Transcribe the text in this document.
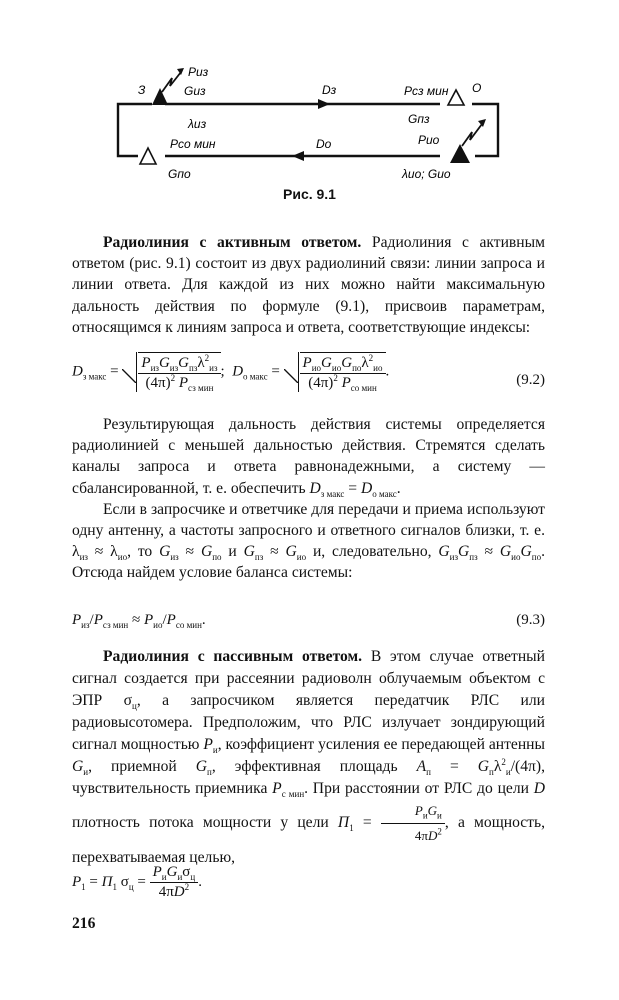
З
Pиз
Gиз
λиз
Dз	Pсз мин О
Gпз
Pсо мин	Dо	Pио
Gпо	λио; Gио
Рис. 9.1

Радиолиния с активным ответом. Радиолиния с активным ответом (рис. 9.1) состоит из двух радиолиний связи: линии запроса и линии ответа. Для каждой из них можно найти максимальную дальность действия по формуле (9.1), присвоив параметрам, относящимся к линиям запроса и ответа, соответствующие индексы:

$D_{з макс} = \frac{P_{из}G_{из}G_{пз}\lambda^2_{из}}{(4\pi)^2 P_{сз мин}}$ ;  $D_{о макс} = \frac{P_{ио}G_{ио}G_{по}\lambda^2_{ио}}{(4\pi)^2 P_{со мин}}$ .
(9.2)

Результирующая дальность действия системы определяется радиолинией с меньшей дальностью действия. Стремятся сделать каналы запроса и ответа равнонадежными, а систему — сбалансированной, т. е. обеспечить $D_{з макс} = D_{о макс}$.

Если в запросчике и ответчике для передачи и приема используют одну антенну, а частоты запросного и ответного сигналов близки, т. е. $\lambda_{из} \approx \lambda_{ио}$, то $G_{из} \approx G_{по}$ и $G_{пз} \approx G_{ио}$ и, следовательно, $G_{из}G_{пз} \approx G_{ио}G_{по}$. Отсюда найдем условие баланса системы:

$P_{из}/P_{сз мин} \approx P_{ио}/P_{со мин}$.	(9.3)

Радиолиния с пассивным ответом. В этом случае ответный сигнал создается при рассеянии радиоволн облучаемым объектом с ЭПР $\sigma_ц$, а запросчиком является передатчик РЛС или радиовысотомера. Предположим, что РЛС излучает зондирующий сигнал мощностью $P_и$, коэффициент усиления ее передающей антенны $G_и$, приемной $G_п$, эффективная площадь $A_п = G_п\lambda^2_и/(4\pi)$, чувствительность приемника $P_{с мин}$. При расстоянии от РЛС до цели D плотность потока мощности у цели $П_1 = \frac{P_иG_и}{4\pi D^2}$ , а мощность, перехватываемая целью,

$P_1 = П_1$ $\sigma_ц = \frac{P_иG_и\sigma_ц}{4\pi D^2}$ .
216
